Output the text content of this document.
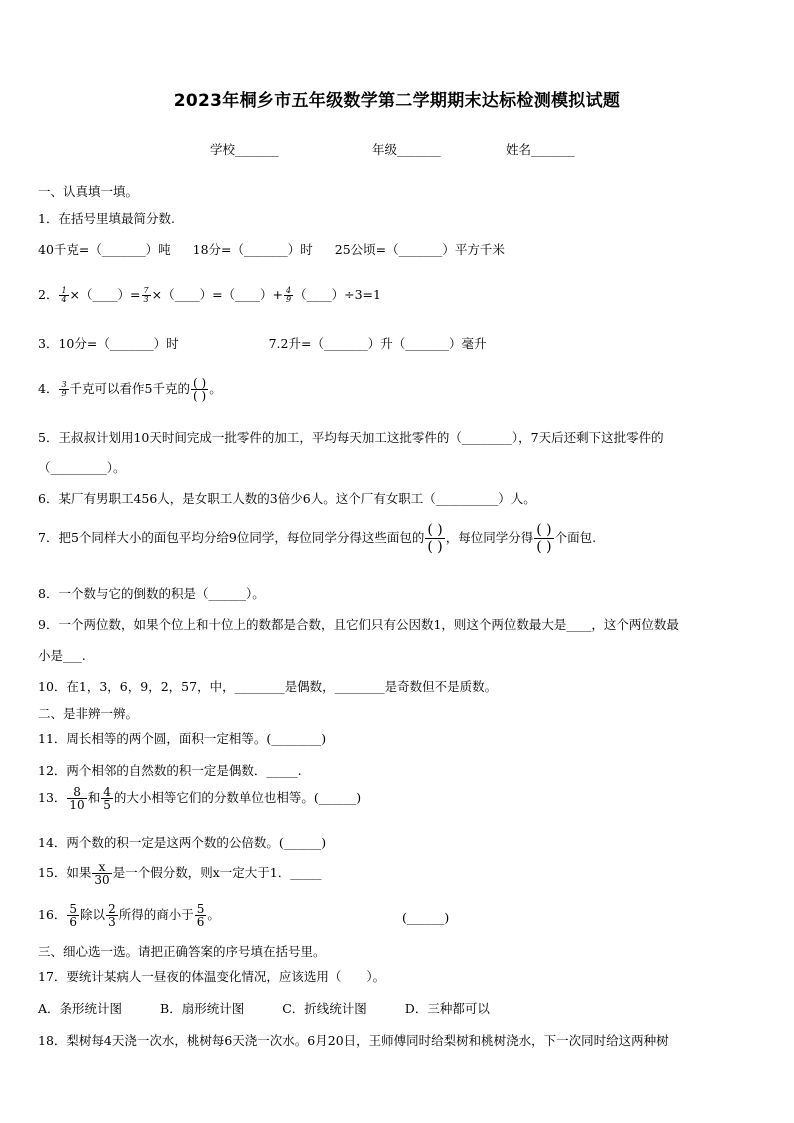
2023年桐乡市五年级数学第二学期期末达标检测模拟试题
学校_______	年级_______	姓名_______
一、认真填一填。
1．在括号里填最简分数.
40千克=（_______）吨 18分=（_______）时 25公顷=（_______）平方千米
2． $\frac{1}{4}$ ×（____）= $\frac{7}{3}$ ×（____）=（____）+ $\frac{4}{9}$ （____）÷3=1
3．10分=（_______）时	7.2升=（_______）升（_______）毫升
4． $\frac{3}{9}$ 千克可以看作5千克的 $\frac{( )}{( )}$ 。
5．王叔叔计划用10天时间完成一批零件的加工，平均每天加工这批零件的（________），7天后还剩下这批零件的
（_________）。
6．某厂有男职工456人，是女职工人数的3倍少6人。这个厂有女职工（__________）人。
7．把5个同样大小的面包平均分给9位同学，每位同学分得这些面包的 $\frac{( )}{( )}$ ，每位同学分得 $\frac{( )}{( )}$ 个面包.
8．一个数与它的倒数的积是（______）。
9．一个两位数，如果个位上和十位上的数都是合数，且它们只有公因数1，则这个两位数最大是____，这个两位数最
小是___.
10．在1，3，6，9，2，57，中，________是偶数，________是奇数但不是质数。
二、是非辨一辨。
11．周长相等的两个圆，面积一定相等。(________)
12．两个相邻的自然数的积一定是偶数．_____.
13． $\frac{8}{10}$ 和 $\frac{4}{5}$ 的大小相等它们的分数单位也相等。(______)
14．两个数的积一定是这两个数的公倍数。(______)
15．如果 $\frac{x}{30}$ 是一个假分数，则x一定大于1．_____
16． $\frac{5}{6}$ 除以 $\frac{2}{3}$ 所得的商小于 $\frac{5}{6}$ 。	(______)
三、细心选一选。请把正确答案的序号填在括号里。
17．要统计某病人一昼夜的体温变化情况，应该选用（　　）。
A．条形统计图	B．扇形统计图	C．折线统计图	D．三种都可以
18．梨树每4天浇一次水，桃树每6天浇一次水。6月20日，王师傅同时给梨树和桃树浇水，下一次同时给这两种树
